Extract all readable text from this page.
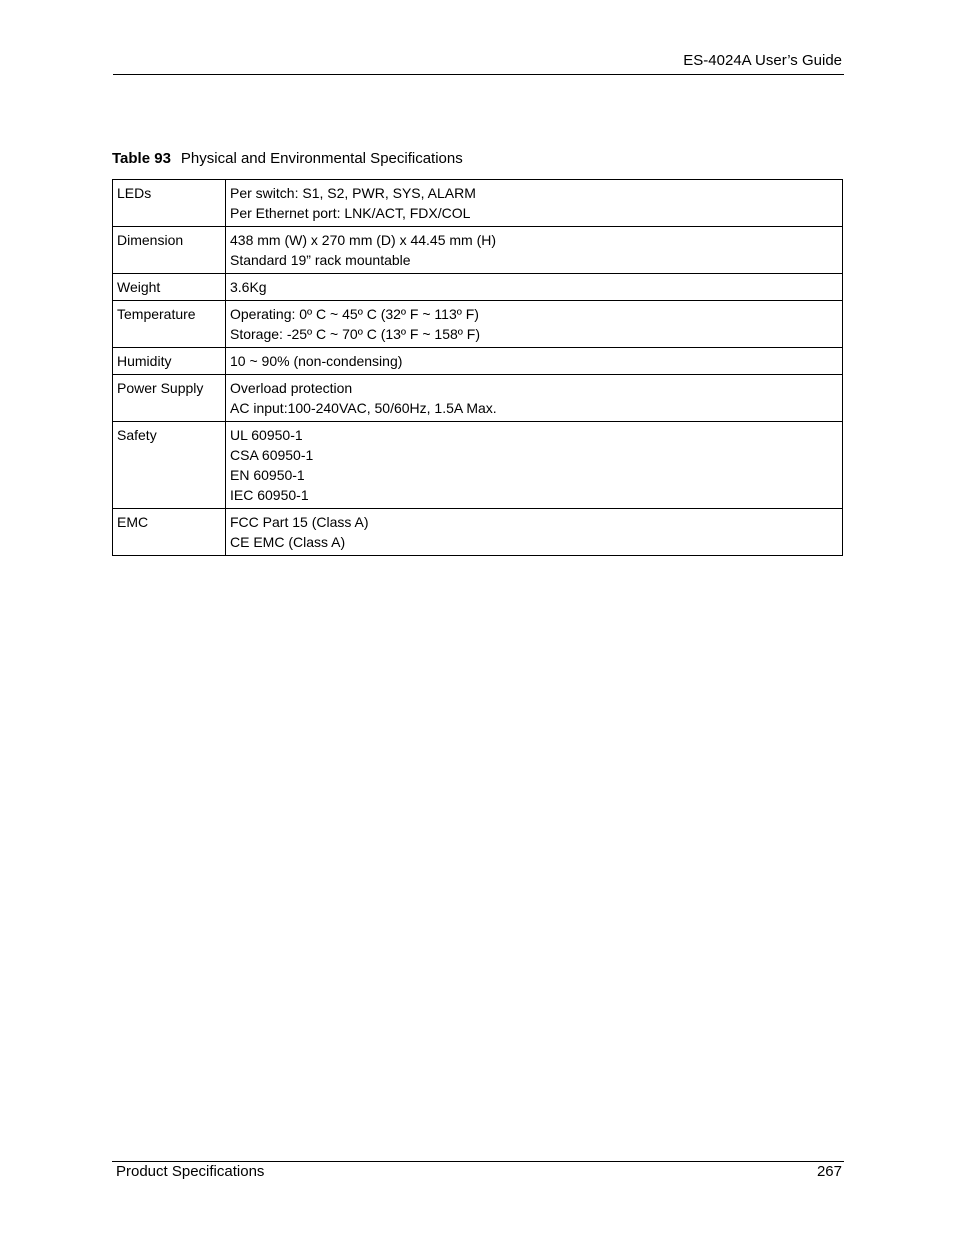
ES-4024A User’s Guide
Table 93 Physical and Environmental Specifications
LEDs	Per switch: S1, S2, PWR, SYS, ALARM
Per Ethernet port: LNK/ACT, FDX/COL

Dimension	438 mm (W) x 270 mm (D) x 44.45 mm (H)
Standard 19” rack mountable

Weight	3.6Kg

Temperature	Operating: 0º C ~ 45º C (32º F ~ 113º F)
Storage: -25º C ~ 70º C (13º F ~ 158º F)

Humidity	10 ~ 90% (non-condensing)

Power Supply	Overload protection
AC input:100-240VAC, 50/60Hz, 1.5A Max.

Safety	UL 60950-1
CSA 60950-1
EN 60950-1
IEC 60950-1

EMC	FCC Part 15 (Class A)
CE EMC (Class A)
Product Specifications	267
